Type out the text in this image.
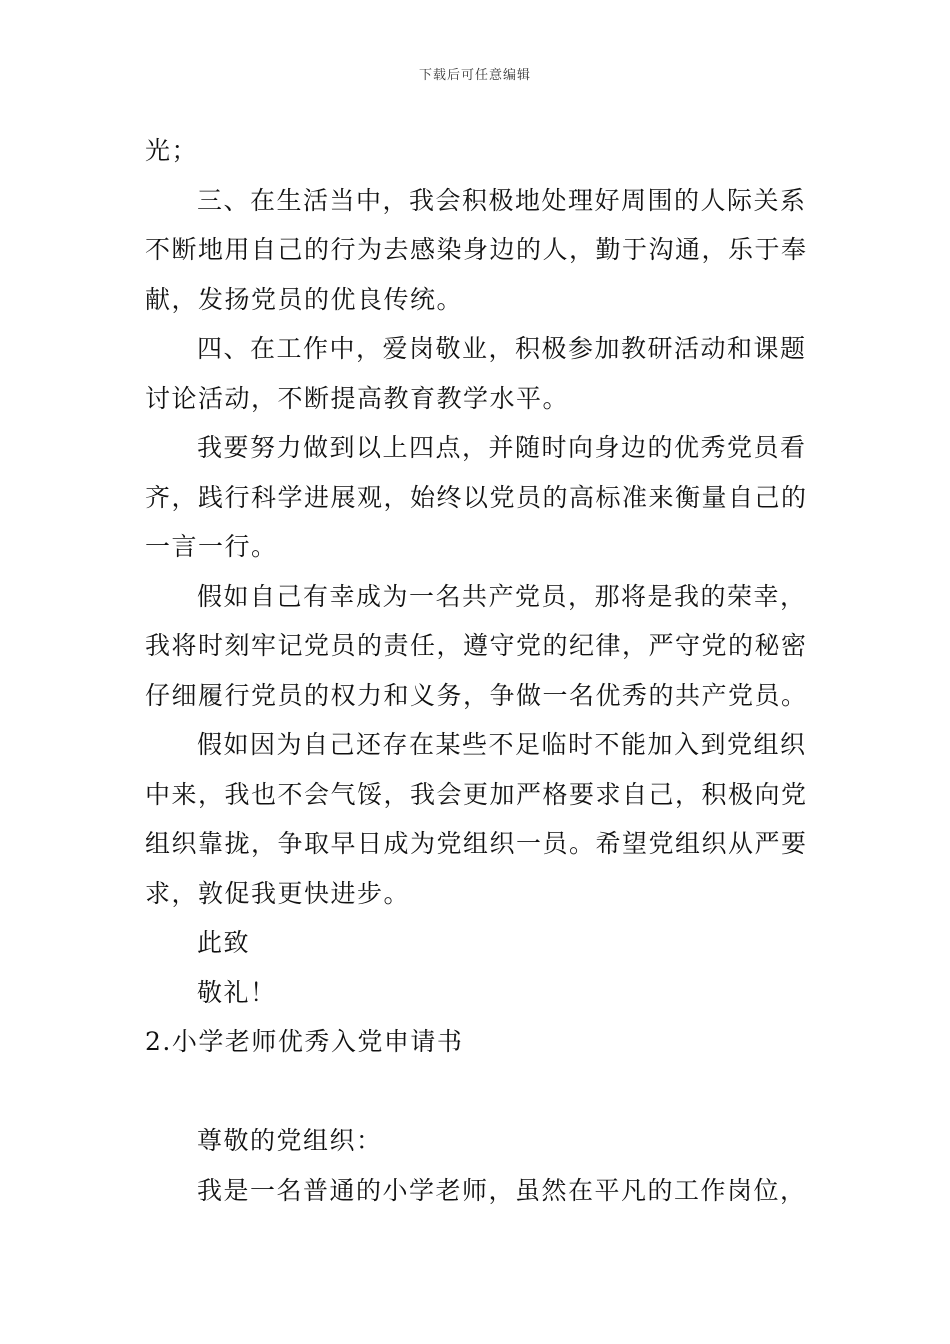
下载后可任意编辑

光；

三、在生活当中，我会积极地处理好周围的人际关系不断地用自己的行为去感染身边的人，勤于沟通，乐于奉献，发扬党员的优良传统。

四、在工作中，爱岗敬业，积极参加教研活动和课题讨论活动，不断提高教育教学水平。

我要努力做到以上四点，并随时向身边的优秀党员看齐，践行科学进展观，始终以党员的高标准来衡量自己的一言一行。

假如自己有幸成为一名共产党员，那将是我的荣幸，我将时刻牢记党员的责任，遵守党的纪律，严守党的秘密仔细履行党员的权力和义务，争做一名优秀的共产党员。

假如因为自己还存在某些不足临时不能加入到党组织中来，我也不会气馁，我会更加严格要求自己，积极向党组织靠拢，争取早日成为党组织一员。希望党组织从严要求，敦促我更快进步。

此致

敬礼！

2.小学老师优秀入党申请书

尊敬的党组织：

我是一名普通的小学老师，虽然在平凡的工作岗位，
